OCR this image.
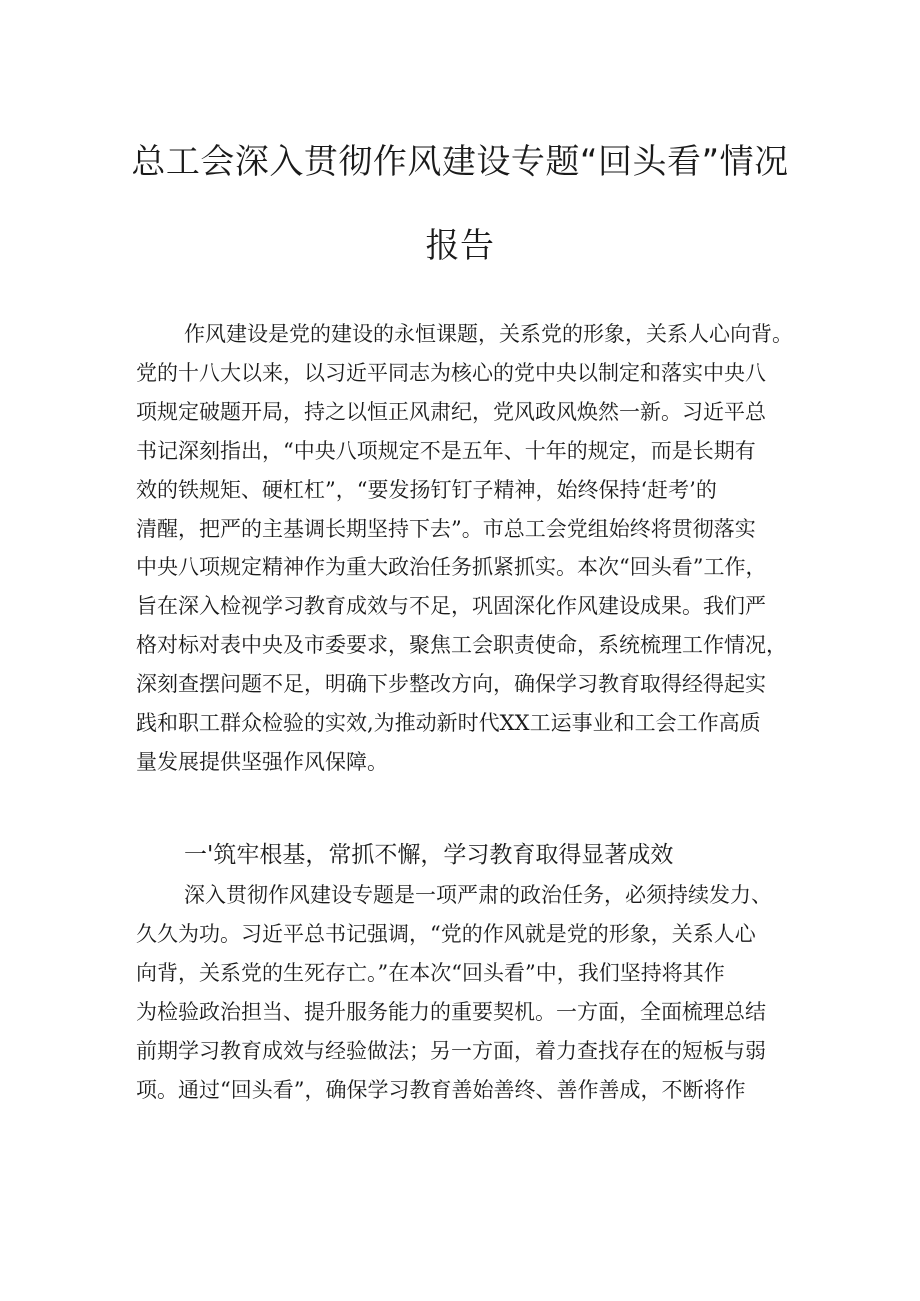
总工会深入贯彻作风建设专题“回头看”情况
报告
作风建设是党的建设的永恒课题，关系党的形象，关系人心向背。
党的十八大以来，以习近平同志为核心的党中央以制定和落实中央八
项规定破题开局，持之以恒正风肃纪，党风政风焕然一新。习近平总
书记深刻指出，“中央八项规定不是五年、十年的规定，而是长期有
效的铁规矩、硬杠杠”，“要发扬钉钉子精神，始终保持‘赶考’的
清醒，把严的主基调长期坚持下去”。市总工会党组始终将贯彻落实
中央八项规定精神作为重大政治任务抓紧抓实。本次“回头看”工作，
旨在深入检视学习教育成效与不足，巩固深化作风建设成果。我们严
格对标对表中央及市委要求，聚焦工会职责使命，系统梳理工作情况，
深刻查摆问题不足，明确下步整改方向，确保学习教育取得经得起实
践和职工群众检验的实效,为推动新时代XX工运事业和工会工作高质
量发展提供坚强作风保障。
一'筑牢根基，常抓不懈，学习教育取得显著成效
深入贯彻作风建设专题是一项严肃的政治任务，必须持续发力、
久久为功。习近平总书记强调，“党的作风就是党的形象，关系人心
向背，关系党的生死存亡。”在本次“回头看”中，我们坚持将其作
为检验政治担当、提升服务能力的重要契机。一方面，全面梳理总结
前期学习教育成效与经验做法；另一方面，着力查找存在的短板与弱
项。通过“回头看”，确保学习教育善始善终、善作善成，不断将作
